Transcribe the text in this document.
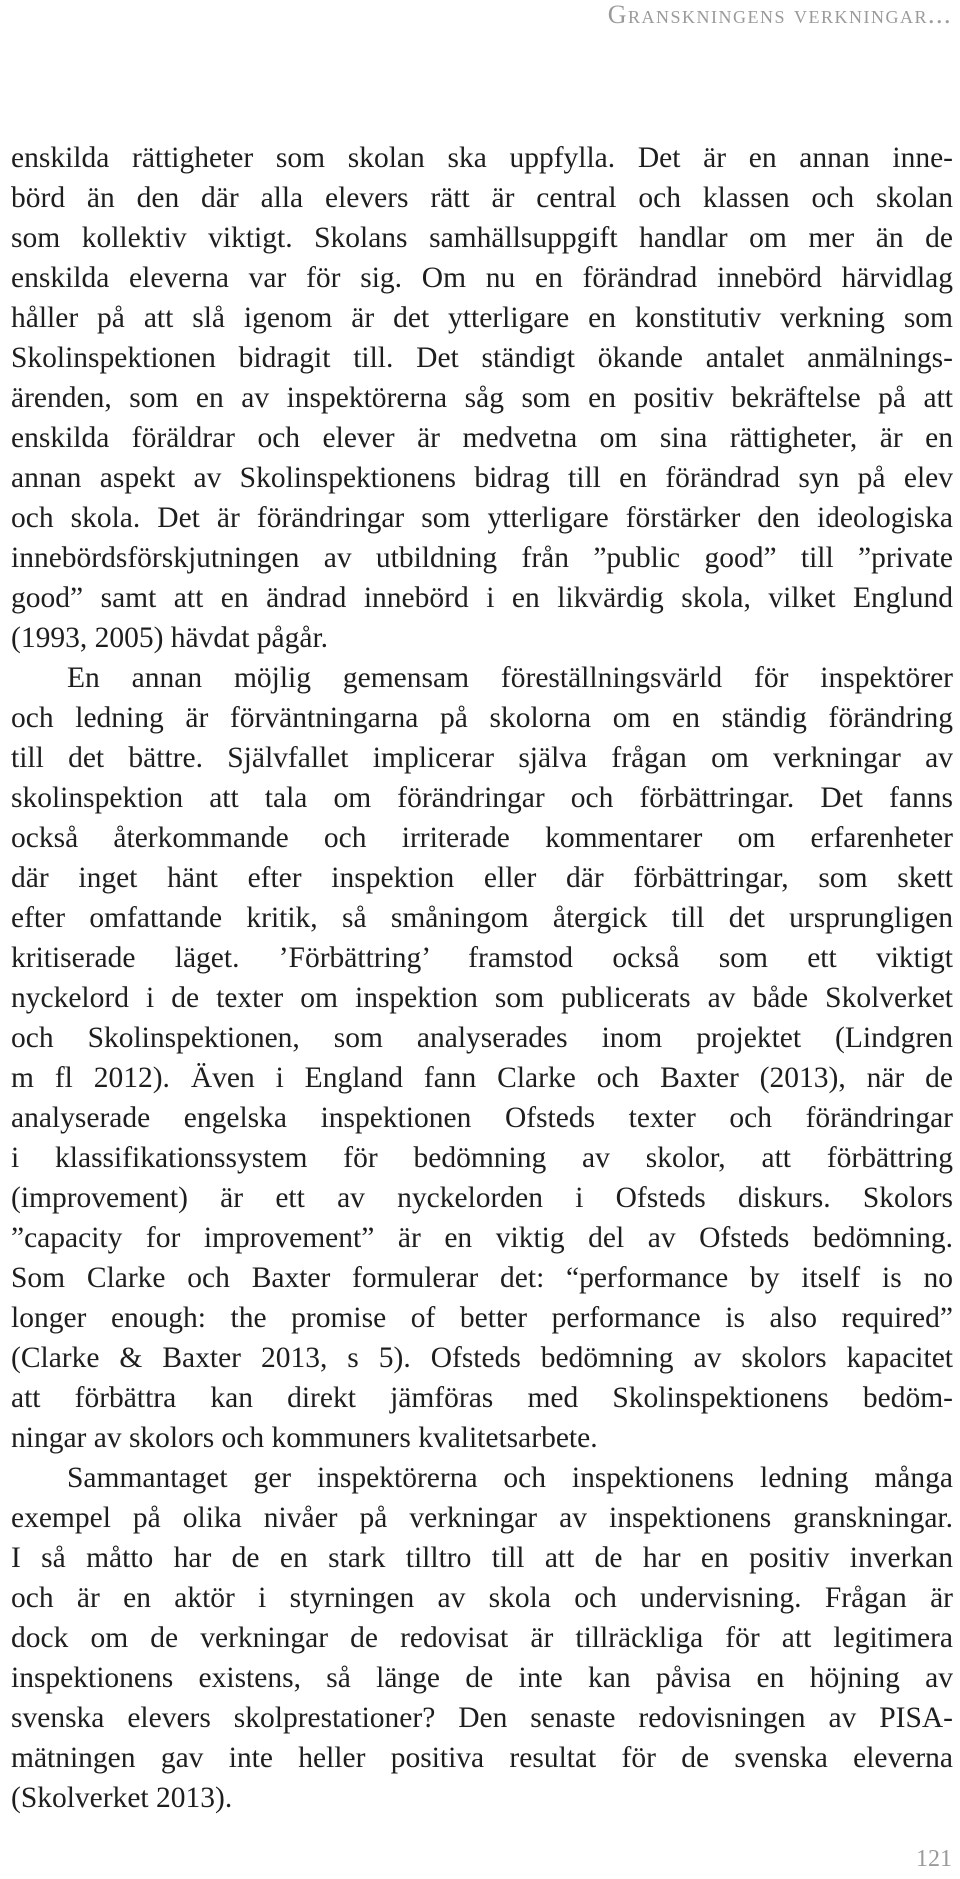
Granskningens verkningar...
enskilda rättigheter som skolan ska uppfylla. Det är en annan inne-
börd än den där alla elevers rätt är central och klassen och skolan
som kollektiv viktigt. Skolans samhällsuppgift handlar om mer än de
enskilda eleverna var för sig. Om nu en förändrad innebörd härvidlag
håller på att slå igenom är det ytterligare en konstitutiv verkning som
Skolinspektionen bidragit till. Det ständigt ökande antalet anmälnings-
ärenden, som en av inspektörerna såg som en positiv bekräftelse på att
enskilda föräldrar och elever är medvetna om sina rättigheter, är en
annan aspekt av Skolinspektionens bidrag till en förändrad syn på elev
och skola. Det är förändringar som ytterligare förstärker den ideologiska
innebördsförskjutningen av utbildning från ”public good” till ”private
good” samt att en ändrad innebörd i en likvärdig skola, vilket Englund
(1993, 2005) hävdat pågår.
En annan möjlig gemensam föreställningsvärld för inspektörer
och ledning är förväntningarna på skolorna om en ständig förändring
till det bättre. Självfallet implicerar själva frågan om verkningar av
skolinspektion att tala om förändringar och förbättringar. Det fanns
också återkommande och irriterade kommentarer om erfarenheter
där inget hänt efter inspektion eller där förbättringar, som skett
efter omfattande kritik, så småningom återgick till det ursprungligen
kritiserade läget. ’Förbättring’ framstod också som ett viktigt
nyckelord i de texter om inspektion som publicerats av både Skolverket
och Skolinspektionen, som analyserades inom projektet (Lindgren
m fl 2012). Även i England fann Clarke och Baxter (2013), när de
analyserade engelska inspektionen Ofsteds texter och förändringar
i klassifikationssystem för bedömning av skolor, att förbättring
(improvement) är ett av nyckelorden i Ofsteds diskurs. Skolors
”capacity for improvement” är en viktig del av Ofsteds bedömning.
Som Clarke och Baxter formulerar det: “performance by itself is no
longer enough: the promise of better performance is also required”
(Clarke & Baxter 2013, s 5). Ofsteds bedömning av skolors kapacitet
att förbättra kan direkt jämföras med Skolinspektionens bedöm-
ningar av skolors och kommuners kvalitetsarbete.
Sammantaget ger inspektörerna och inspektionens ledning många
exempel på olika nivåer på verkningar av inspektionens granskningar.
I så måtto har de en stark tilltro till att de har en positiv inverkan
och är en aktör i styrningen av skola och undervisning. Frågan är
dock om de verkningar de redovisat är tillräckliga för att legitimera
inspektionens existens, så länge de inte kan påvisa en höjning av
svenska elevers skolprestationer? Den senaste redovisningen av PISA-
mätningen gav inte heller positiva resultat för de svenska eleverna
(Skolverket 2013).
121
